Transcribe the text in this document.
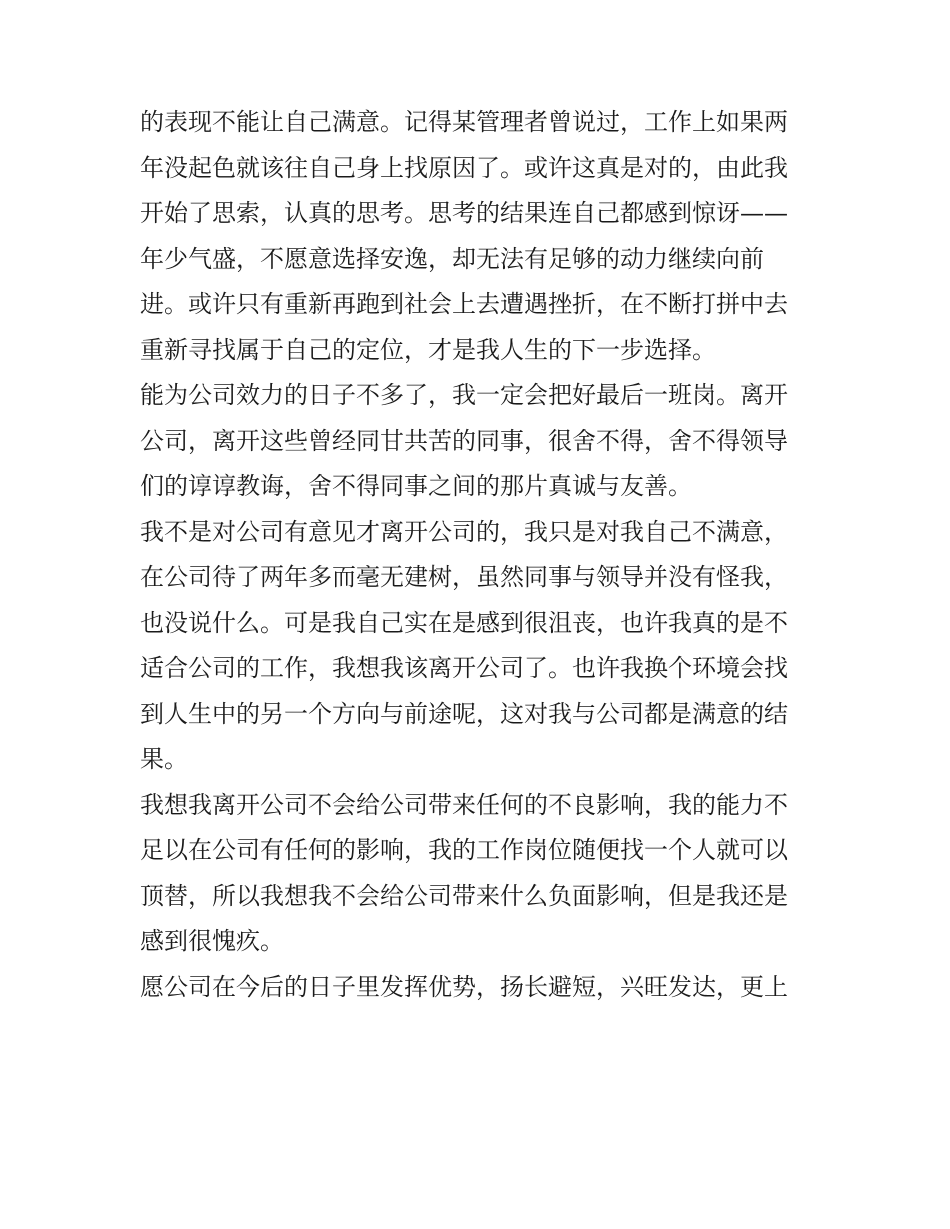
的表现不能让自己满意。记得某管理者曾说过，工作上如果两
年没起色就该往自己身上找原因了。或许这真是对的，由此我
开始了思索，认真的思考。思考的结果连自己都感到惊讶——
年少气盛，不愿意选择安逸，却无法有足够的动力继续向前
进。或许只有重新再跑到社会上去遭遇挫折，在不断打拼中去
重新寻找属于自己的定位，才是我人生的下一步选择。
能为公司效力的日子不多了，我一定会把好最后一班岗。离开
公司，离开这些曾经同甘共苦的同事，很舍不得，舍不得领导
们的谆谆教诲，舍不得同事之间的那片真诚与友善。
我不是对公司有意见才离开公司的，我只是对我自己不满意，
在公司待了两年多而毫无建树，虽然同事与领导并没有怪我，
也没说什么。可是我自己实在是感到很沮丧，也许我真的是不
适合公司的工作，我想我该离开公司了。也许我换个环境会找
到人生中的另一个方向与前途呢，这对我与公司都是满意的结
果。
我想我离开公司不会给公司带来任何的不良影响，我的能力不
足以在公司有任何的影响，我的工作岗位随便找一个人就可以
顶替，所以我想我不会给公司带来什么负面影响，但是我还是
感到很愧疚。
愿公司在今后的日子里发挥优势，扬长避短，兴旺发达，更上
